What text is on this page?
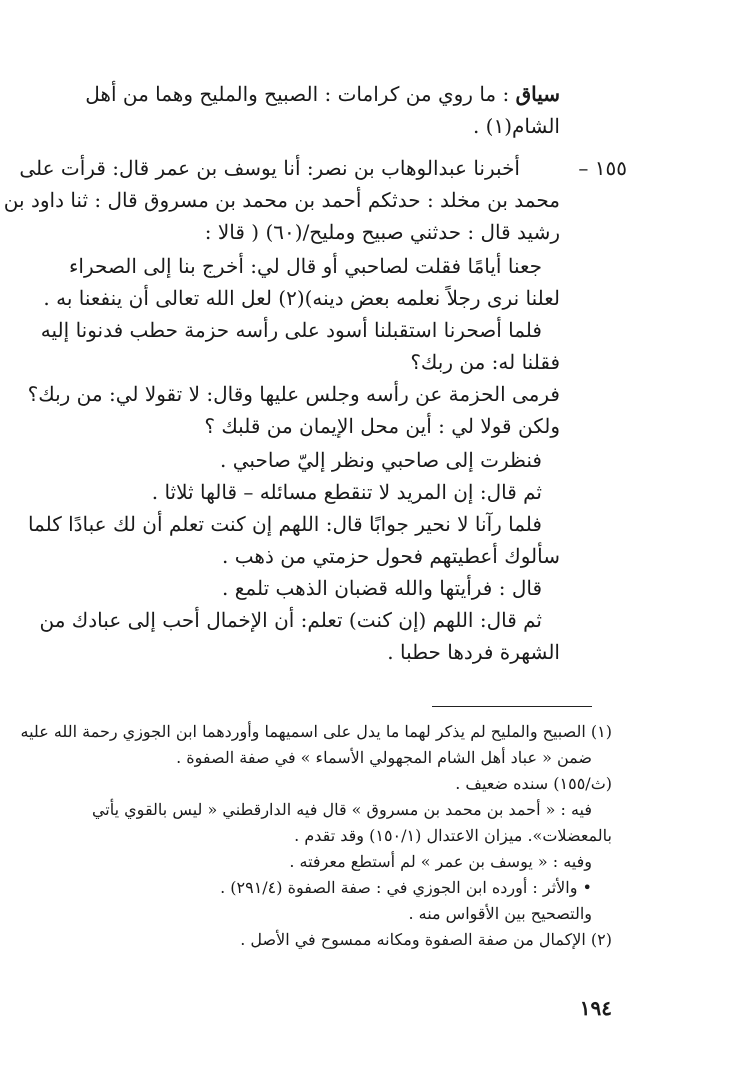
سياق : ما روي من كرامات : الصبيح والمليح وهما من أهل
الشام(١) .
١٥٥ –
أخبرنا عبدالوهاب بن نصر: أنا يوسف بن عمر قال: قرأت على
محمد بن مخلد : حدثكم أحمد بن محمد بن مسروق قال : ثنا داود بن
رشيد قال : حدثني صبيح ومليح/(٦٠) ( قالا :
جعنا أيامًا فقلت لصاحبي أو قال لي: أخرج بنا إلى الصحراء
لعلنا نرى رجلاً نعلمه بعض دينه)(٢) لعل الله تعالى أن ينفعنا به .
فلما أصحرنا استقبلنا أسود على رأسه حزمة حطب فدنونا إليه
فقلنا له: من ربك؟
فرمى الحزمة عن رأسه وجلس عليها وقال: لا تقولا لي: من ربك؟
ولكن قولا لي : أين محل الإيمان من قلبك ؟
فنظرت إلى صاحبي ونظر إليّ صاحبي .
ثم قال: إن المريد لا تنقطع مسائله – قالها ثلاثا .
فلما رآنا لا نحير جوابًا قال: اللهم إن كنت تعلم أن لك عبادًا كلما
سألوك أعطيتهم فحول حزمتي من ذهب .
قال : فرأيتها والله قضبان الذهب تلمع .
ثم قال: اللهم (إن كنت) تعلم: أن الإخمال أحب إلى عبادك من
الشهرة فردها حطبا .
(١) الصبيح والمليح لم يذكر لهما ما يدل على اسميهما وأوردهما ابن الجوزي رحمة الله عليه
ضمن « عباد أهل الشام المجهولي الأسماء » في صفة الصفوة .
(ث/١٥٥) سنده ضعيف .
فيه : « أحمد بن محمد بن مسروق » قال فيه الدارقطني « ليس بالقوي يأتي
بالمعضلات». ميزان الاعتدال (١٥٠/١) وقد تقدم .
وفيه : « يوسف بن عمر » لم أستطع معرفته .
• والأثر : أورده ابن الجوزي في : صفة الصفوة (٢٩١/٤) .
والتصحيح بين الأقواس منه .
(٢) الإكمال من صفة الصفوة ومكانه ممسوح في الأصل .
١٩٤
